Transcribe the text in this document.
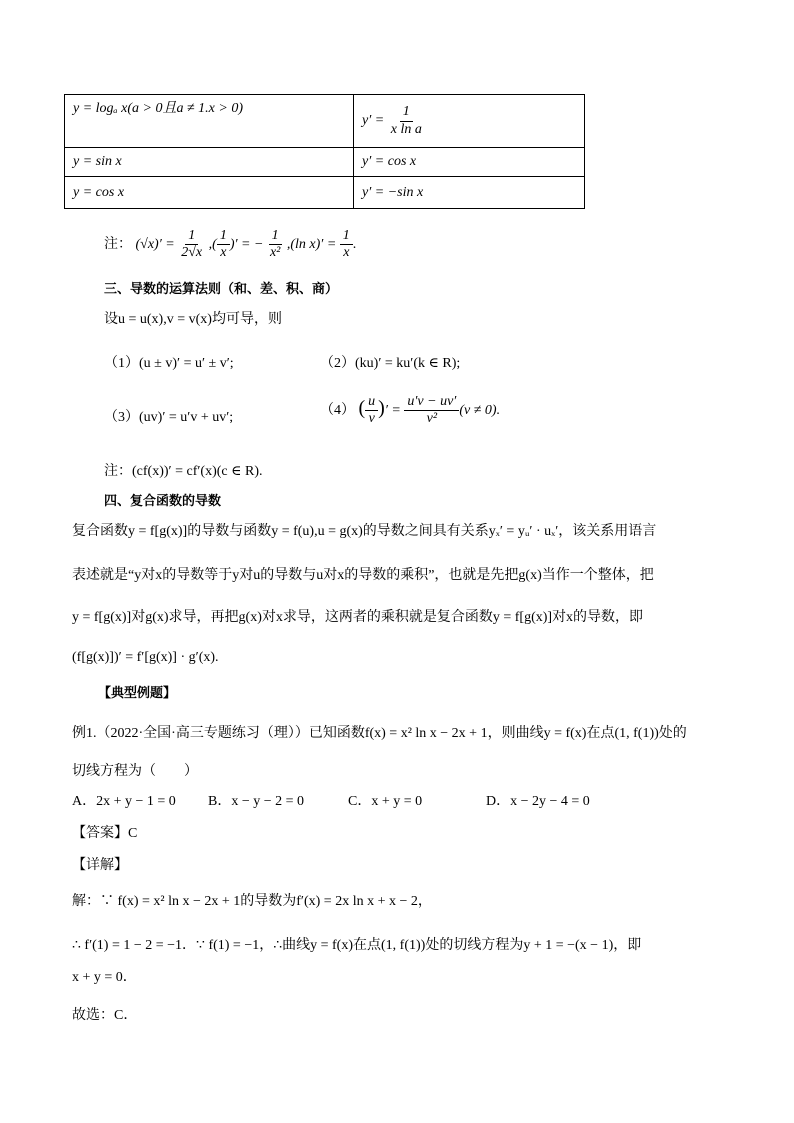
y = logₐ x(a > 0且a ≠ 1.x > 0)	$y' = \frac{1}{\text{x ln a}}$

y = sin x	y′ = cos x
y = cos x	y′ = −sin x
注： $(√x)' = \frac{1}{2√x}$ ,( $\frac{1}{x}$ )′ = − $\frac{1}{\text{x²}} ,(\ln$ $x)' = \frac{1}{x}$ .
三、导数的运算法则（和、差、积、商）
设u = u(x),v = v(x)均可导，则
（1）(u ± v)′ = u′ ± v′;	（2）(ku)′ = ku′(k ∈ R);
（3）(uv)′ = u′v + uv′;	（4） ( $\frac{u}{v}$ )′ = $\frac{u'v - uv'}{\text{v²}} (v \ne 0)$.
注：(cf(x))′ = cf′(x)(c ∈ R).
四、复合函数的导数
复合函数y = f[g(x)]的导数与函数y = f(u),u = g(x)的导数之间具有关系yₓ′ = yᵤ′ · uₓ′，该关系用语言
表述就是“y对x的导数等于y对u的导数与u对x的导数的乘积”，也就是先把g(x)当作一个整体，把
y = f[g(x)]对g(x)求导，再把g(x)对x求导，这两者的乘积就是复合函数y = f[g(x)]对x的导数，即
(f[g(x)])′ = f′[g(x)] · g′(x).
【典型例题】
例1.（2022·全国·高三专题练习（理））已知函数f(x) = x² ln x − 2x + 1，则曲线y = f(x)在点(1, f(1))处的
切线方程为（　　）
A．2x + y − 1 = 0 B．x − y − 2 = 0	C．x + y = 0	D．x − 2y − 4 = 0
【答案】C
【详解】
解：∵ f(x) = x² ln x − 2x + 1的导数为f′(x) = 2x ln x + x − 2，
∴ f′(1) = 1 − 2 = −1．∵ f(1) = −1，∴曲线y = f(x)在点(1, f(1))处的切线方程为y + 1 = −(x − 1)，即
x + y = 0．
故选：C．
